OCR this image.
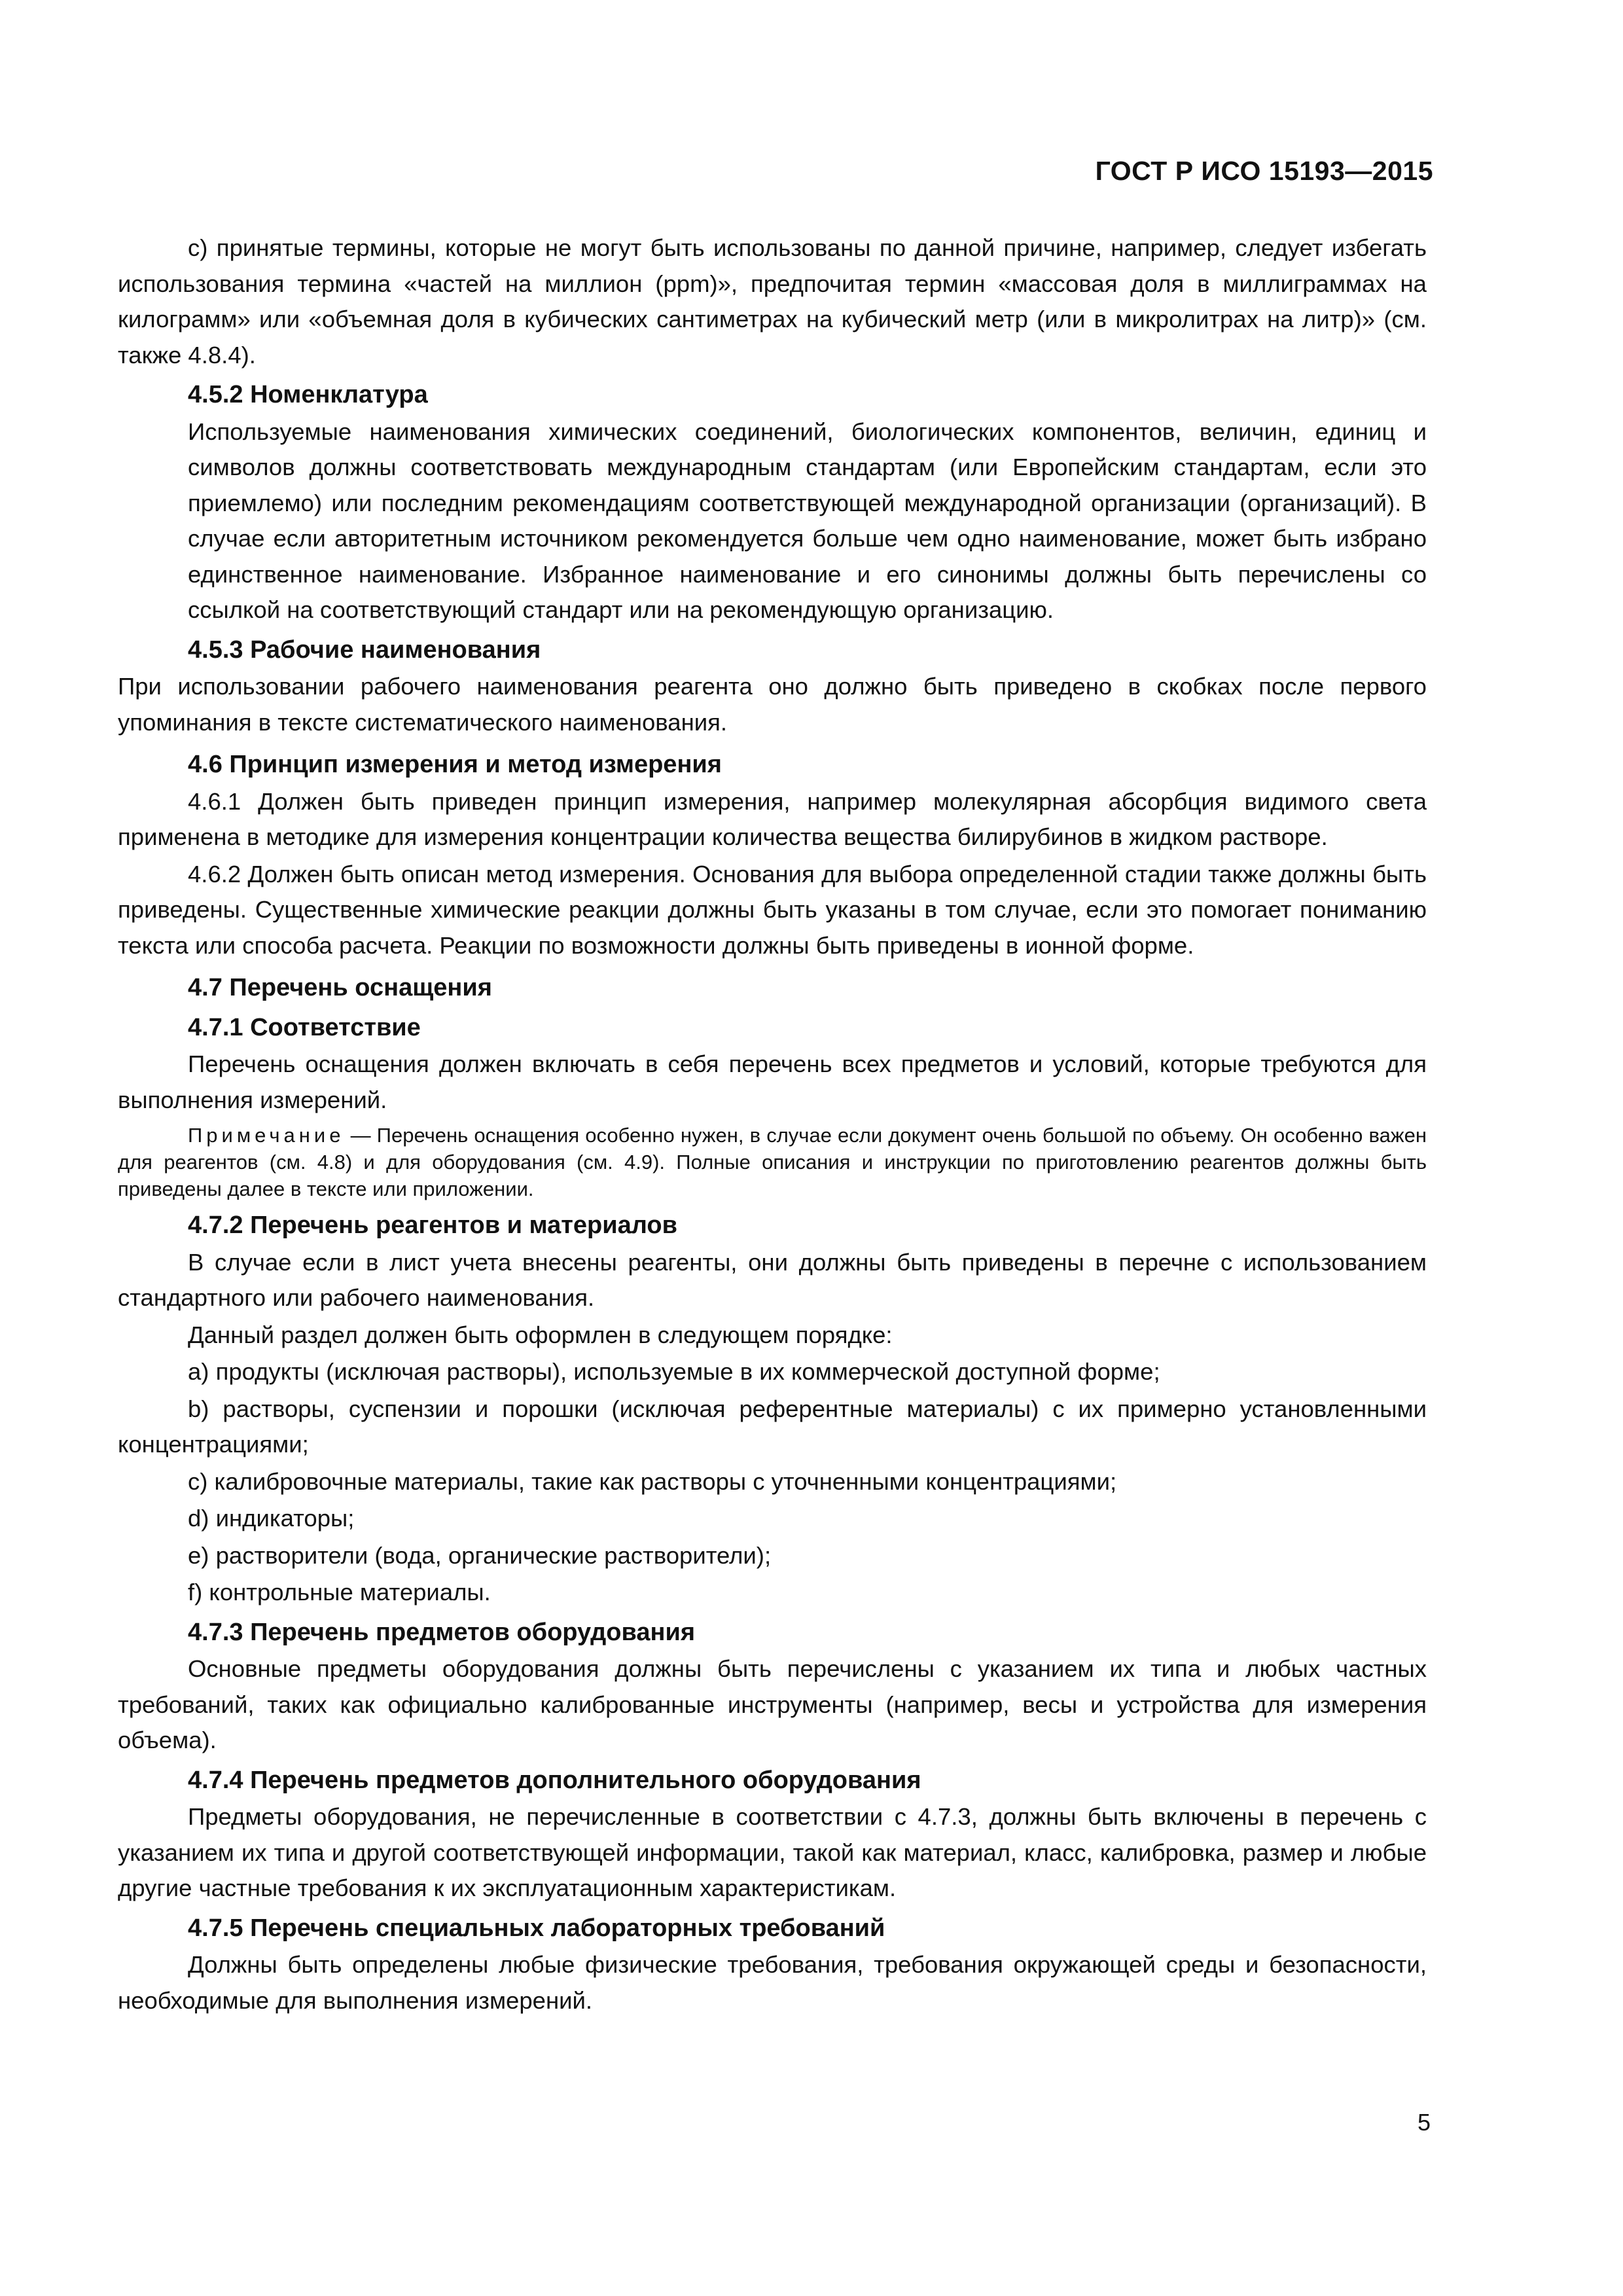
ГОСТ Р ИСО 15193—2015

с) принятые термины, которые не могут быть использованы по данной причине, например, следует избегать использования термина «частей на миллион (ppm)», предпочитая термин «массовая доля в миллиграммах на килограмм» или «объемная доля в кубических сантиметрах на кубический метр (или в микролитрах на литр)» (см. также 4.8.4).

4.5.2 Номенклатура

Используемые наименования химических соединений, биологических компонентов, величин, единиц и символов должны соответствовать международным стандартам (или Европейским стандартам, если это приемлемо) или последним рекомендациям соответствующей международной организации (организаций). В случае если авторитетным источником рекомендуется больше чем одно наименование, может быть избрано единственное наименование. Избранное наименование и его синонимы должны быть перечислены со ссылкой на соответствующий стандарт или на рекомендующую организацию.

4.5.3 Рабочие наименования

При использовании рабочего наименования реагента оно должно быть приведено в скобках после первого упоминания в тексте систематического наименования.

4.6 Принцип измерения и метод измерения

4.6.1 Должен быть приведен принцип измерения, например молекулярная абсорбция видимого света применена в методике для измерения концентрации количества вещества билирубинов в жидком растворе.

4.6.2 Должен быть описан метод измерения. Основания для выбора определенной стадии также должны быть приведены. Существенные химические реакции должны быть указаны в том случае, если это помогает пониманию текста или способа расчета. Реакции по возможности должны быть приведены в ионной форме.

4.7 Перечень оснащения

4.7.1 Соответствие

Перечень оснащения должен включать в себя перечень всех предметов и условий, которые требуются для выполнения измерений.

Примечание — Перечень оснащения особенно нужен, в случае если документ очень большой по объему. Он особенно важен для реагентов (см. 4.8) и для оборудования (см. 4.9). Полные описания и инструкции по приготовлению реагентов должны быть приведены далее в тексте или приложении.

4.7.2 Перечень реагентов и материалов

В случае если в лист учета внесены реагенты, они должны быть приведены в перечне с использованием стандартного или рабочего наименования.

Данный раздел должен быть оформлен в следующем порядке:

a) продукты (исключая растворы), используемые в их коммерческой доступной форме;

b) растворы, суспензии и порошки (исключая референтные материалы) с их примерно установленными концентрациями;

c) калибровочные материалы, такие как растворы с уточненными концентрациями;

d) индикаторы;

e) растворители (вода, органические растворители);

f) контрольные материалы.

4.7.3 Перечень предметов оборудования

Основные предметы оборудования должны быть перечислены с указанием их типа и любых частных требований, таких как официально калиброванные инструменты (например, весы и устройства для измерения объема).

4.7.4 Перечень предметов дополнительного оборудования

Предметы оборудования, не перечисленные в соответствии с 4.7.3, должны быть включены в перечень с указанием их типа и другой соответствующей информации, такой как материал, класс, калибровка, размер и любые другие частные требования к их эксплуатационным характеристикам.

4.7.5 Перечень специальных лабораторных требований

Должны быть определены любые физические требования, требования окружающей среды и безопасности, необходимые для выполнения измерений.

5
